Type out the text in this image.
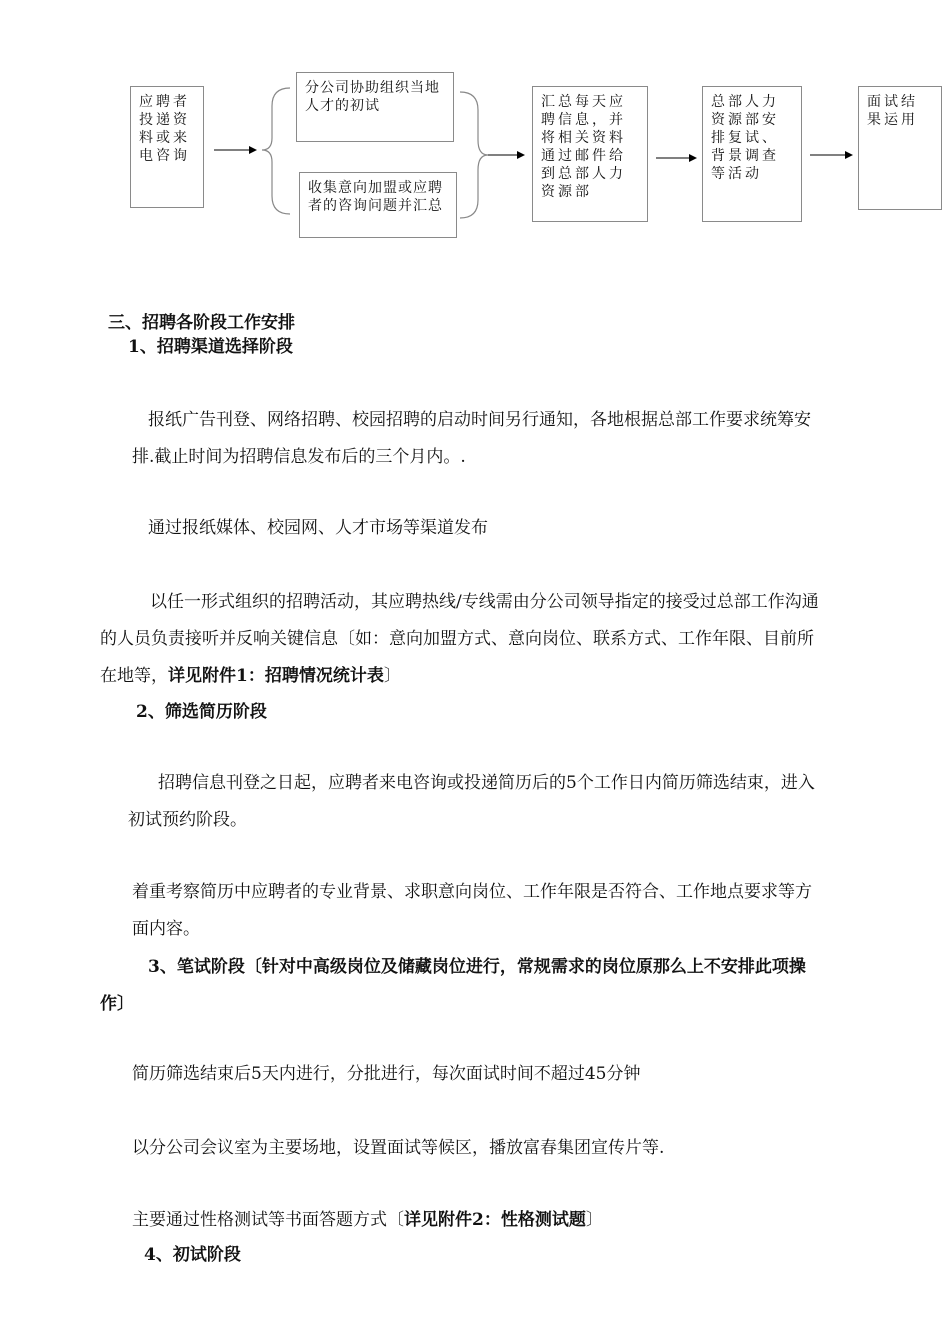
应聘者投递资料或来电咨询
分公司协助组织当地人才的初试
收集意向加盟或应聘者的咨询问题并汇总
汇总每天应聘信息，并将相关资料通过邮件给到总部人力资源部
总部人力资源部安排复试、背景调查等活动
面试结果运用
三、招聘各阶段工作安排
1、招聘渠道选择阶段
报纸广告刊登、网络招聘、校园招聘的启动时间另行通知，各地根据总部工作要求统筹安
排.截止时间为招聘信息发布后的三个月内。.
通过报纸媒体、校园网、人才市场等渠道发布
以任一形式组织的招聘活动，其应聘热线/专线需由分公司领导指定的接受过总部工作沟通
的人员负责接听并反响关键信息〔如：意向加盟方式、意向岗位、联系方式、工作年限、目前所
在地等，详见附件1：招聘情况统计表〕
2、筛选简历阶段
招聘信息刊登之日起，应聘者来电咨询或投递简历后的5个工作日内简历筛选结束，进入
初试预约阶段。
着重考察简历中应聘者的专业背景、求职意向岗位、工作年限是否符合、工作地点要求等方
面内容。
3、笔试阶段〔针对中高级岗位及储藏岗位进行，常规需求的岗位原那么上不安排此项操
作〕
简历筛选结束后5天内进行，分批进行，每次面试时间不超过45分钟
以分公司会议室为主要场地，设置面试等候区，播放富春集团宣传片等.
主要通过性格测试等书面答题方式〔详见附件2：性格测试题〕
4、初试阶段
